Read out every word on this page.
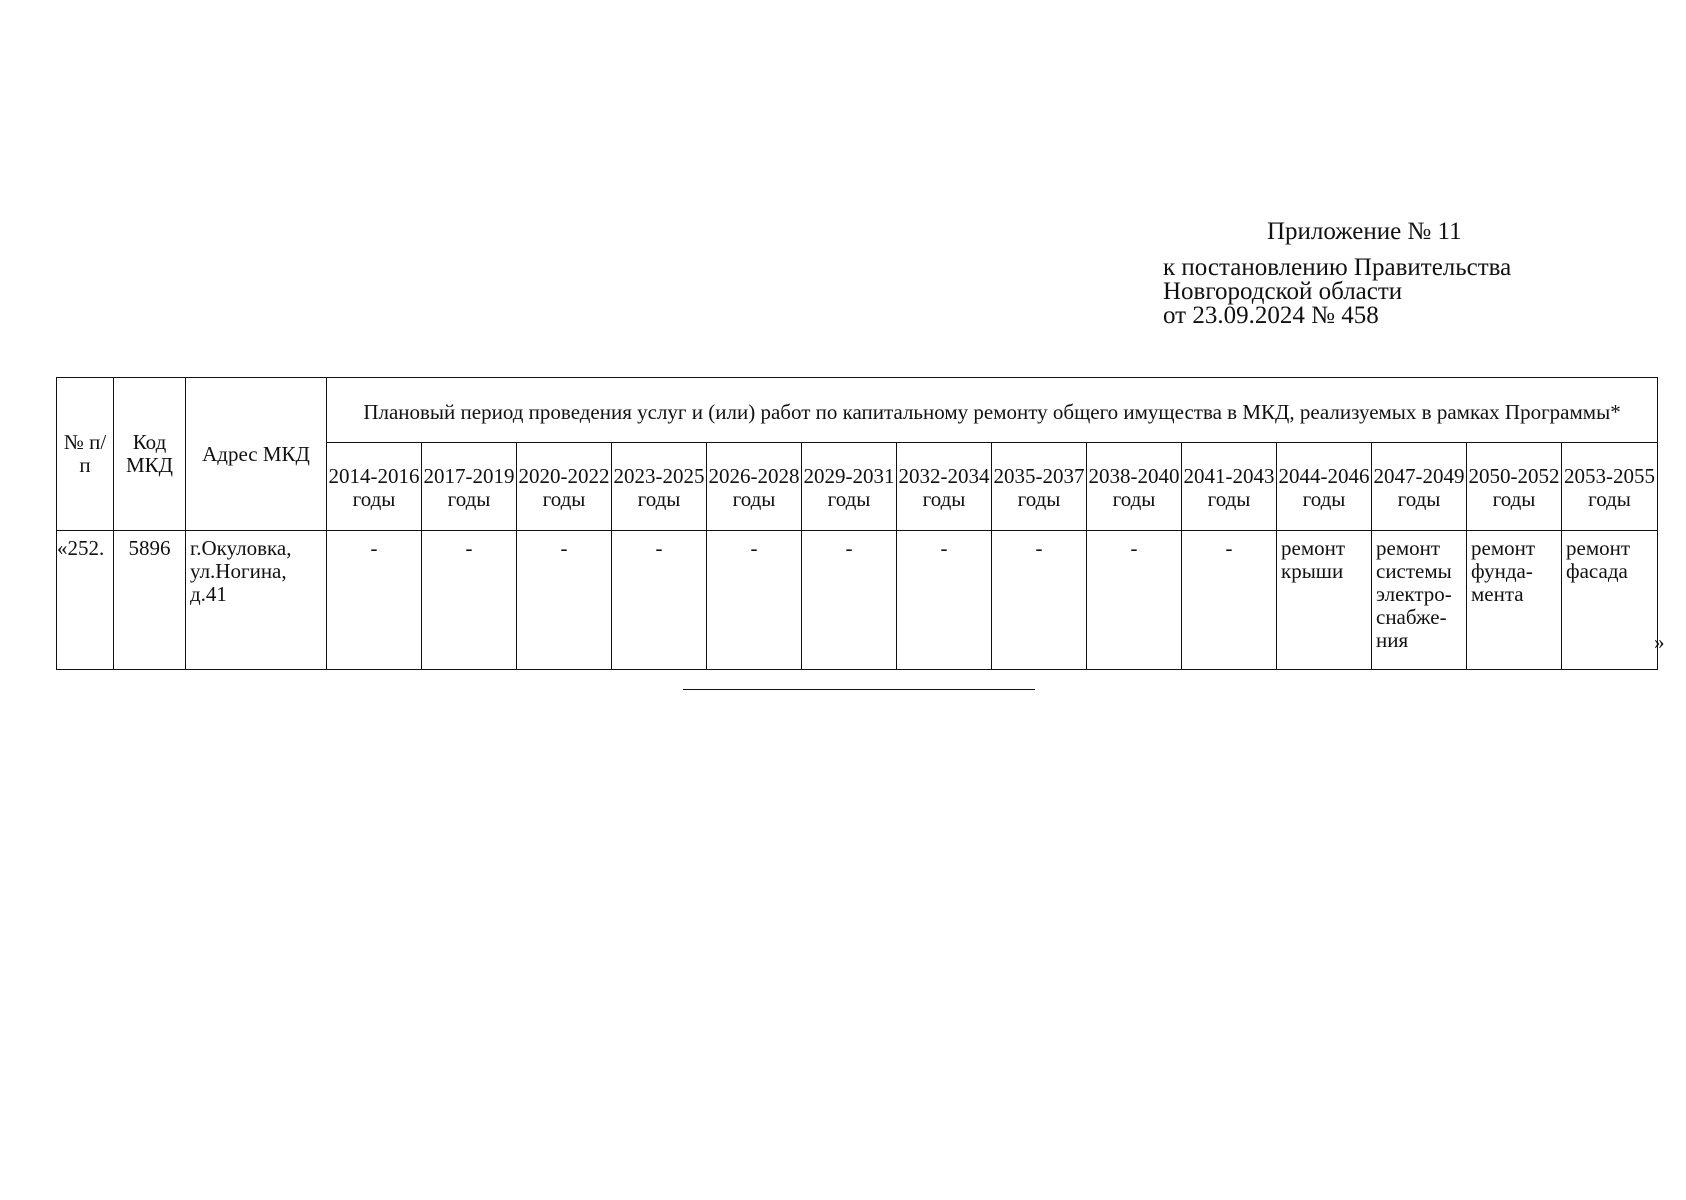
Приложение № 11
к постановлению Правительства
Новгородской области
от 23.09.2024 № 458
№ п/п	Код МКД	Адрес МКД	Плановый период проведения услуг и (или) работ по капитальному ремонту общего имущества в МКД, реализуемых в рамках Программы*													
			2014-2016 годы	2017-2019 годы	2020-2022 годы	2023-2025 годы	2026-2028 годы	2029-2031 годы	2032-2034 годы	2035-2037 годы	2038-2040 годы	2041-2043 годы	2044-2046 годы	2047-2049 годы	2050-2052 годы	2053-2055 годы
«252.	5896	г.Окуловка, ул.Ногина, д.41	-	-	-	-	-	-	-	-	-	-	ремонт крыши	ремонт системы электро-снабже-ния	ремонт фунда-мента	ремонт фасада
»
